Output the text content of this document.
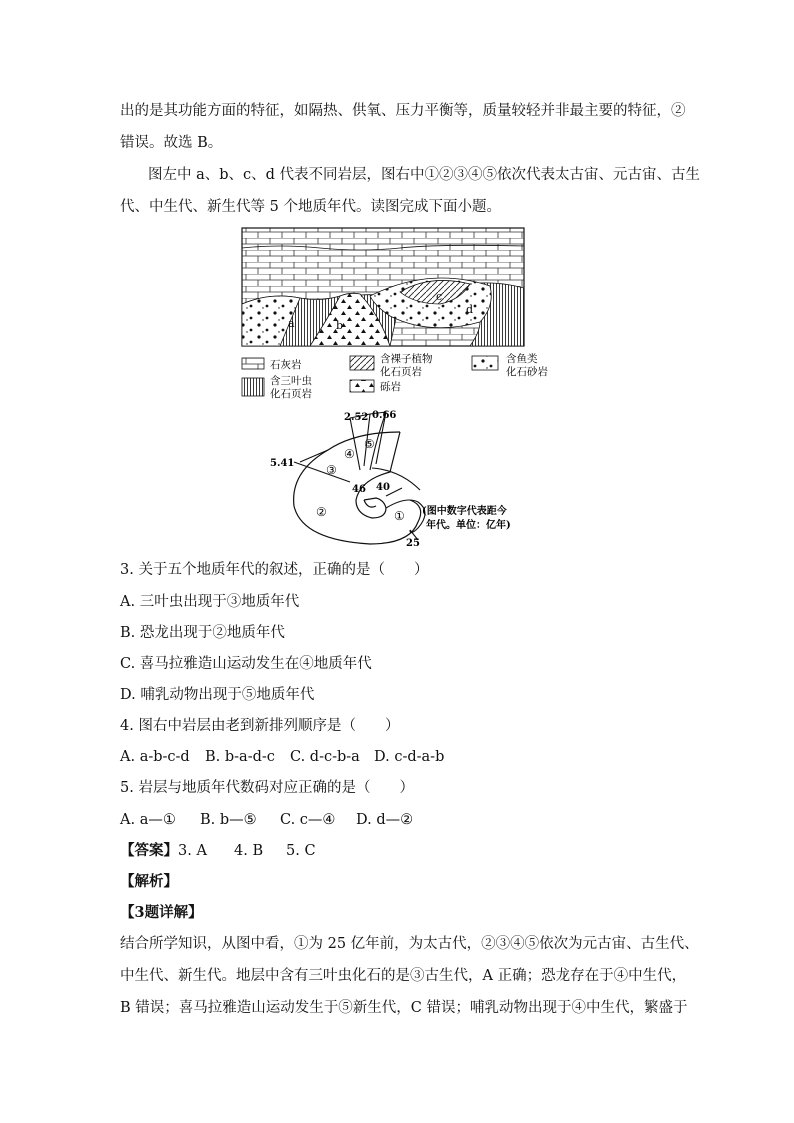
出的是其功能方面的特征，如隔热、供氧、压力平衡等，质量较轻并非最主要的特征，②
错误。故选 B。
图左中 a、b、c、d 代表不同岩层，图右中①②③④⑤依次代表太古宙、元古宙、古生
代、中生代、新生代等 5 个地质年代。读图完成下面小题。
a	b
c
d
石灰岩
含三叶虫
化石页岩
含裸子植物
化石页岩
砾岩
含鱼类
化石砂岩
2.52 0.66
5.41
46 40
25
①
②
③
④
⑤
(图中数字代表距今
年代。单位：亿年)
3. 关于五个地质年代的叙述，正确的是（　　）
A. 三叶虫出现于③地质年代
B. 恐龙出现于②地质年代
C. 喜马拉雅造山运动发生在④地质年代
D. 哺乳动物出现于⑤地质年代
4. 图右中岩层由老到新排列顺序是（　　）
A. a-b-c-d B. b-a-d-c C. d-c-b-a D. c-d-a-b
5. 岩层与地质年代数码对应正确的是（　　）
A. a—① B. b—⑤ C. c—④ D. d—②
【答案】3. A 4. B 5. C
【解析】
【3题详解】
结合所学知识，从图中看，①为 25 亿年前，为太古代，②③④⑤依次为元古宙、古生代、
中生代、新生代。地层中含有三叶虫化石的是③古生代，A 正确；恐龙存在于④中生代，
B 错误；喜马拉雅造山运动发生于⑤新生代，C 错误；哺乳动物出现于④中生代，繁盛于
